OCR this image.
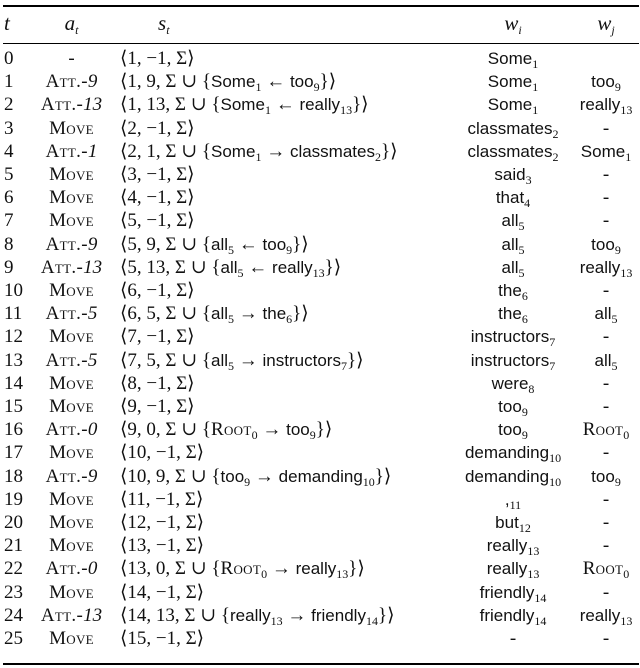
t	$a_t$	$s_t$	$w_i$	$w_j$
0	-	⟨1, −1, Σ⟩	Some$_1$
1	Att.-9	⟨1, 9, Σ ∪ {Some$_1$ ← too$_9$}⟩	Some$_1$	too$_9$
2	Att.-13 ⟨1, 13, Σ ∪ {Some$_1$ ← really$_{13}$}⟩	Some$_1$	really$_{13}$
3	Move	⟨2, −1, Σ⟩	classmates$_2$	-
4	Att.-1	⟨2, 1, Σ ∪ {Some$_1$ → classmates$_2$}⟩	classmates$_2$	Some$_1$
5	Move	⟨3, −1, Σ⟩	said$_3$	-
6	Move	⟨4, −1, Σ⟩	that$_4$	-
7	Move	⟨5, −1, Σ⟩	all$_5$	-
8	Att.-9	⟨5, 9, Σ ∪ {all$_5$ ← too$_9$}⟩	all$_5$	too$_9$
9	Att.-13 ⟨5, 13, Σ ∪ {all$_5$ ← really$_{13}$}⟩	all$_5$	really$_{13}$
10	Move	⟨6, −1, Σ⟩	the$_6$	-
11	Att.-5	⟨6, 5, Σ ∪ {all$_5$ → the$_6$}⟩	the$_6$	all$_5$
12	Move	⟨7, −1, Σ⟩	instructors$_7$	-
13	Att.-5	⟨7, 5, Σ ∪ {all$_5$ → instructors$_7$}⟩	instructors$_7$	all$_5$
14	Move	⟨8, −1, Σ⟩	were$_8$	-
15	Move	⟨9, −1, Σ⟩	too$_9$	-
16	Att.-0	⟨9, 0, Σ ∪ {Root$_0$ → too$_9$}⟩	too$_9$	Root$_0$
17	Move	⟨10, −1, Σ⟩	demanding$_{10}$	-
18	Att.-9	⟨10, 9, Σ ∪ {too$_9$ → demanding$_{10}$}⟩	demanding$_{10}$	too$_9$
19	Move	⟨11, −1, Σ⟩	$,_{11}$	-
20	Move	⟨12, −1, Σ⟩	but$_{12}$	-
21	Move	⟨13, −1, Σ⟩	really$_{13}$	-
22	Att.-0	⟨13, 0, Σ ∪ {Root$_0$ → really$_{13}$}⟩	really$_{13}$	Root$_0$
23	Move	⟨14, −1, Σ⟩	friendly$_{14}$	-
24 Att.-13 ⟨14, 13, Σ ∪ {really$_{13}$ → friendly$_{14}$}⟩	friendly$_{14}$	really$_{13}$
25	Move	⟨15, −1, Σ⟩	-	-
